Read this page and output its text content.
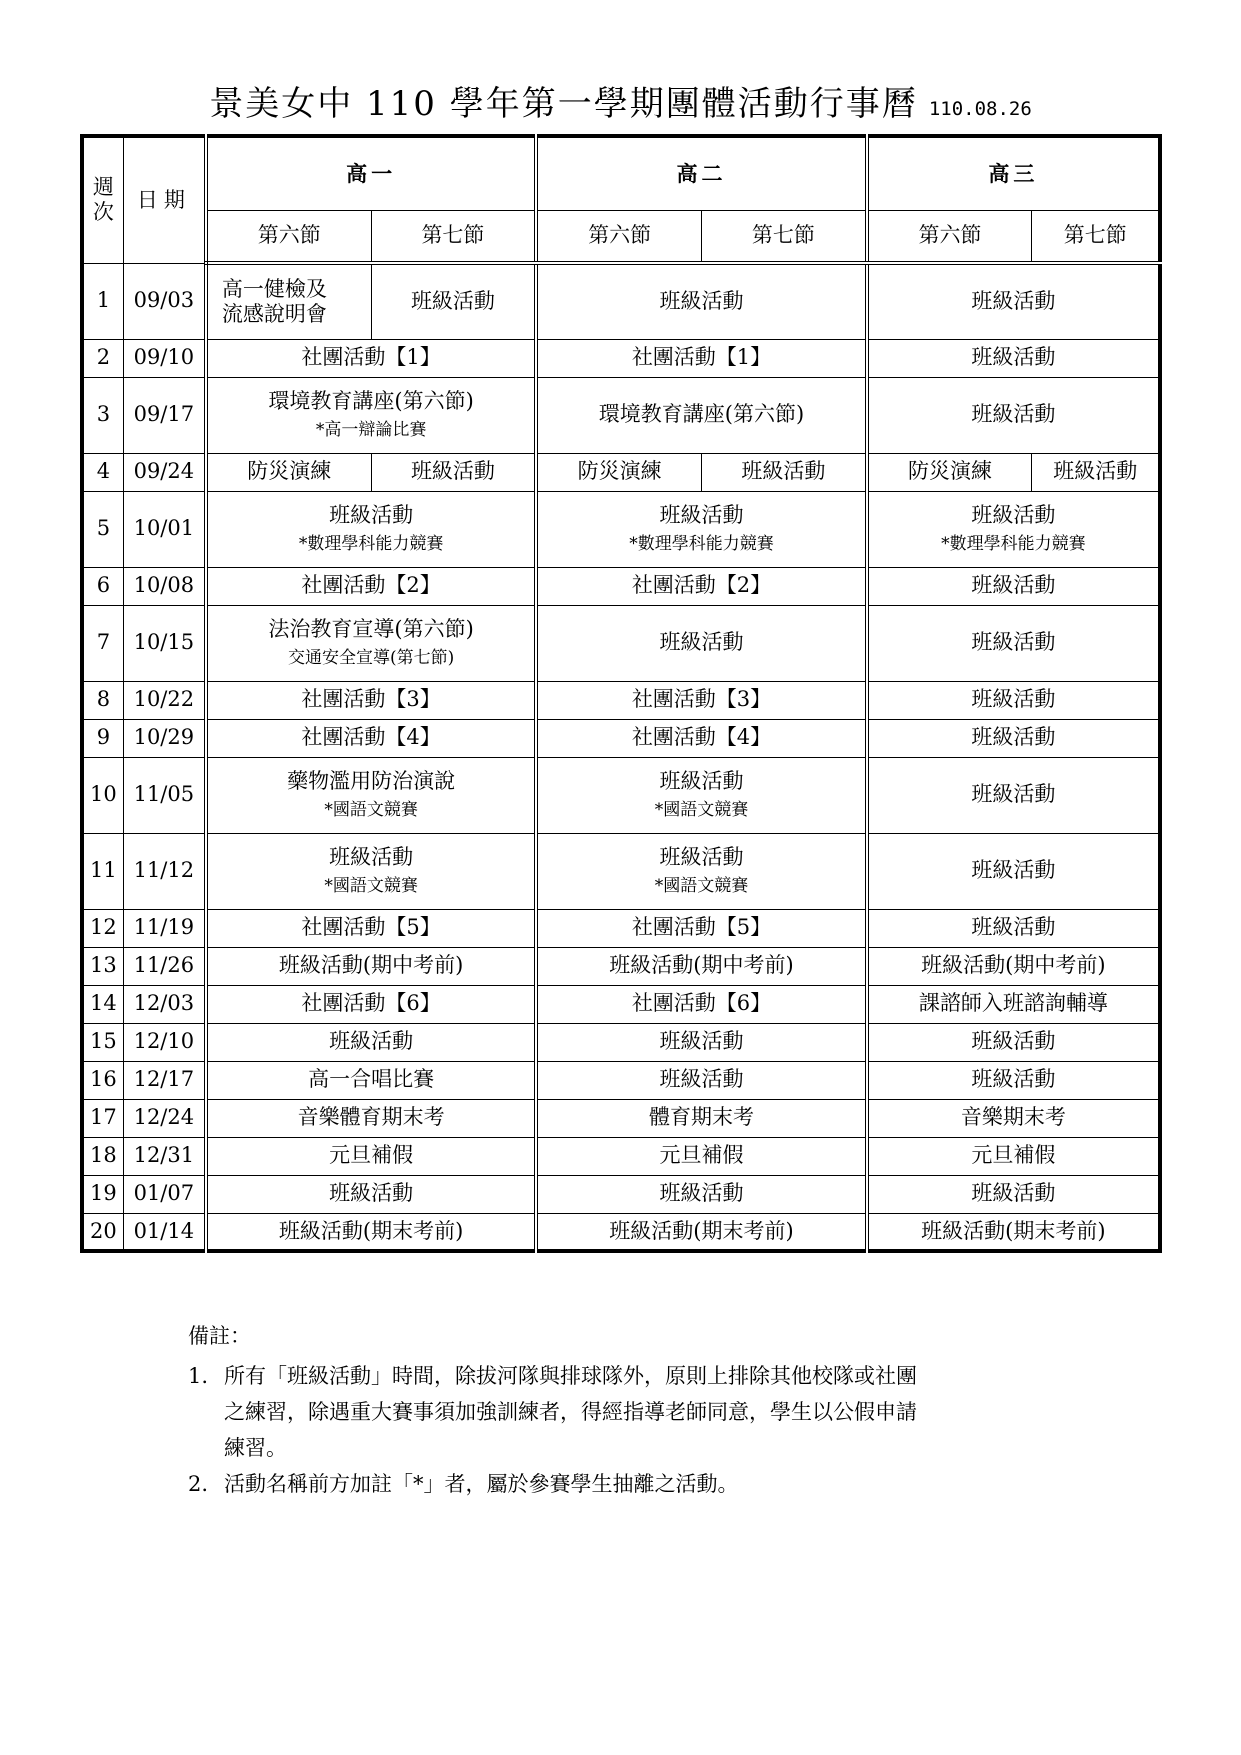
景美女中 110 學年第一學期團體活動行事曆 110.08.26
週次	日期	高一		高二		高三	
		第六節	第七節	第六節	第七節	第六節	第七節
1	09/03	高一健檢及
流感說明會	班級活動	班級活動		班級活動	
2	09/10	社團活動【1】		社團活動【1】		班級活動	
3	09/17	環境教育講座(第六節)
*高一辯論比賽		環境教育講座(第六節)		班級活動	
4	09/24	防災演練	班級活動	防災演練	班級活動	防災演練	班級活動
5	10/01	班級活動
*數理學科能力競賽		班級活動
*數理學科能力競賽		班級活動
*數理學科能力競賽	

6	10/08	社團活動【2】		社團活動【2】		班級活動	
7	10/15	法治教育宣導(第六節)
交通安全宣導(第七節)		班級活動		班級活動	
8	10/22	社團活動【3】		社團活動【3】		班級活動	
9	10/29	社團活動【4】		社團活動【4】		班級活動	
10	11/05	藥物濫用防治演說
*國語文競賽		班級活動
*國語文競賽		班級活動	
11	11/12	班級活動
*國語文競賽		班級活動
*國語文競賽		班級活動	
12	11/19	社團活動【5】		社團活動【5】		班級活動	
13	11/26	班級活動(期中考前)		班級活動(期中考前)		班級活動(期中考前)	
14	12/03	社團活動【6】		社團活動【6】		課諮師入班諮詢輔導	
15	12/10	班級活動		班級活動		班級活動	
16	12/17	高一合唱比賽		班級活動		班級活動	
17	12/24	音樂體育期末考		體育期末考		音樂期末考	
18	12/31	元旦補假		元旦補假		元旦補假	
19	01/07	班級活動		班級活動		班級活動	
20	01/14	班級活動(期末考前)		班級活動(期末考前)		班級活動(期末考前)	
備註：
1. 所有「班級活動」時間，除拔河隊與排球隊外，原則上排除其他校隊或社團
之練習，除遇重大賽事須加強訓練者，得經指導老師同意，學生以公假申請
練習。
2. 活動名稱前方加註「*」者，屬於參賽學生抽離之活動。
